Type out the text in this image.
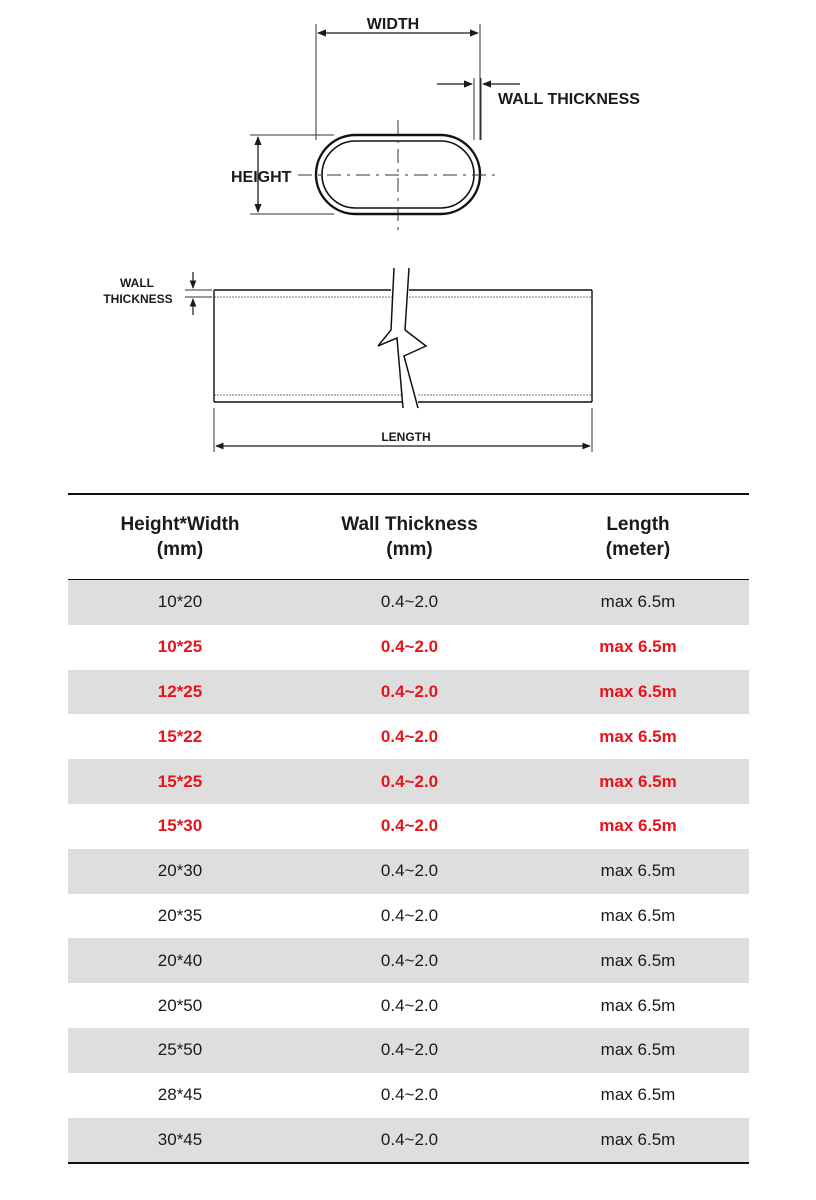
WIDTH
WALL THICKNESS
HEIGHT
WALL
THICKNESS
LENGTH
Height*Width
(mm)
Wall Thickness
(mm)
Length
(meter)
10*20	0.4~2.0	max 6.5m
10*25	0.4~2.0	max 6.5m
12*25	0.4~2.0	max 6.5m
15*22	0.4~2.0	max 6.5m
15*25	0.4~2.0	max 6.5m
15*30	0.4~2.0	max 6.5m
20*30	0.4~2.0	max 6.5m
20*35	0.4~2.0	max 6.5m
20*40	0.4~2.0	max 6.5m
20*50	0.4~2.0	max 6.5m
25*50	0.4~2.0	max 6.5m
28*45	0.4~2.0	max 6.5m
30*45	0.4~2.0	max 6.5m
